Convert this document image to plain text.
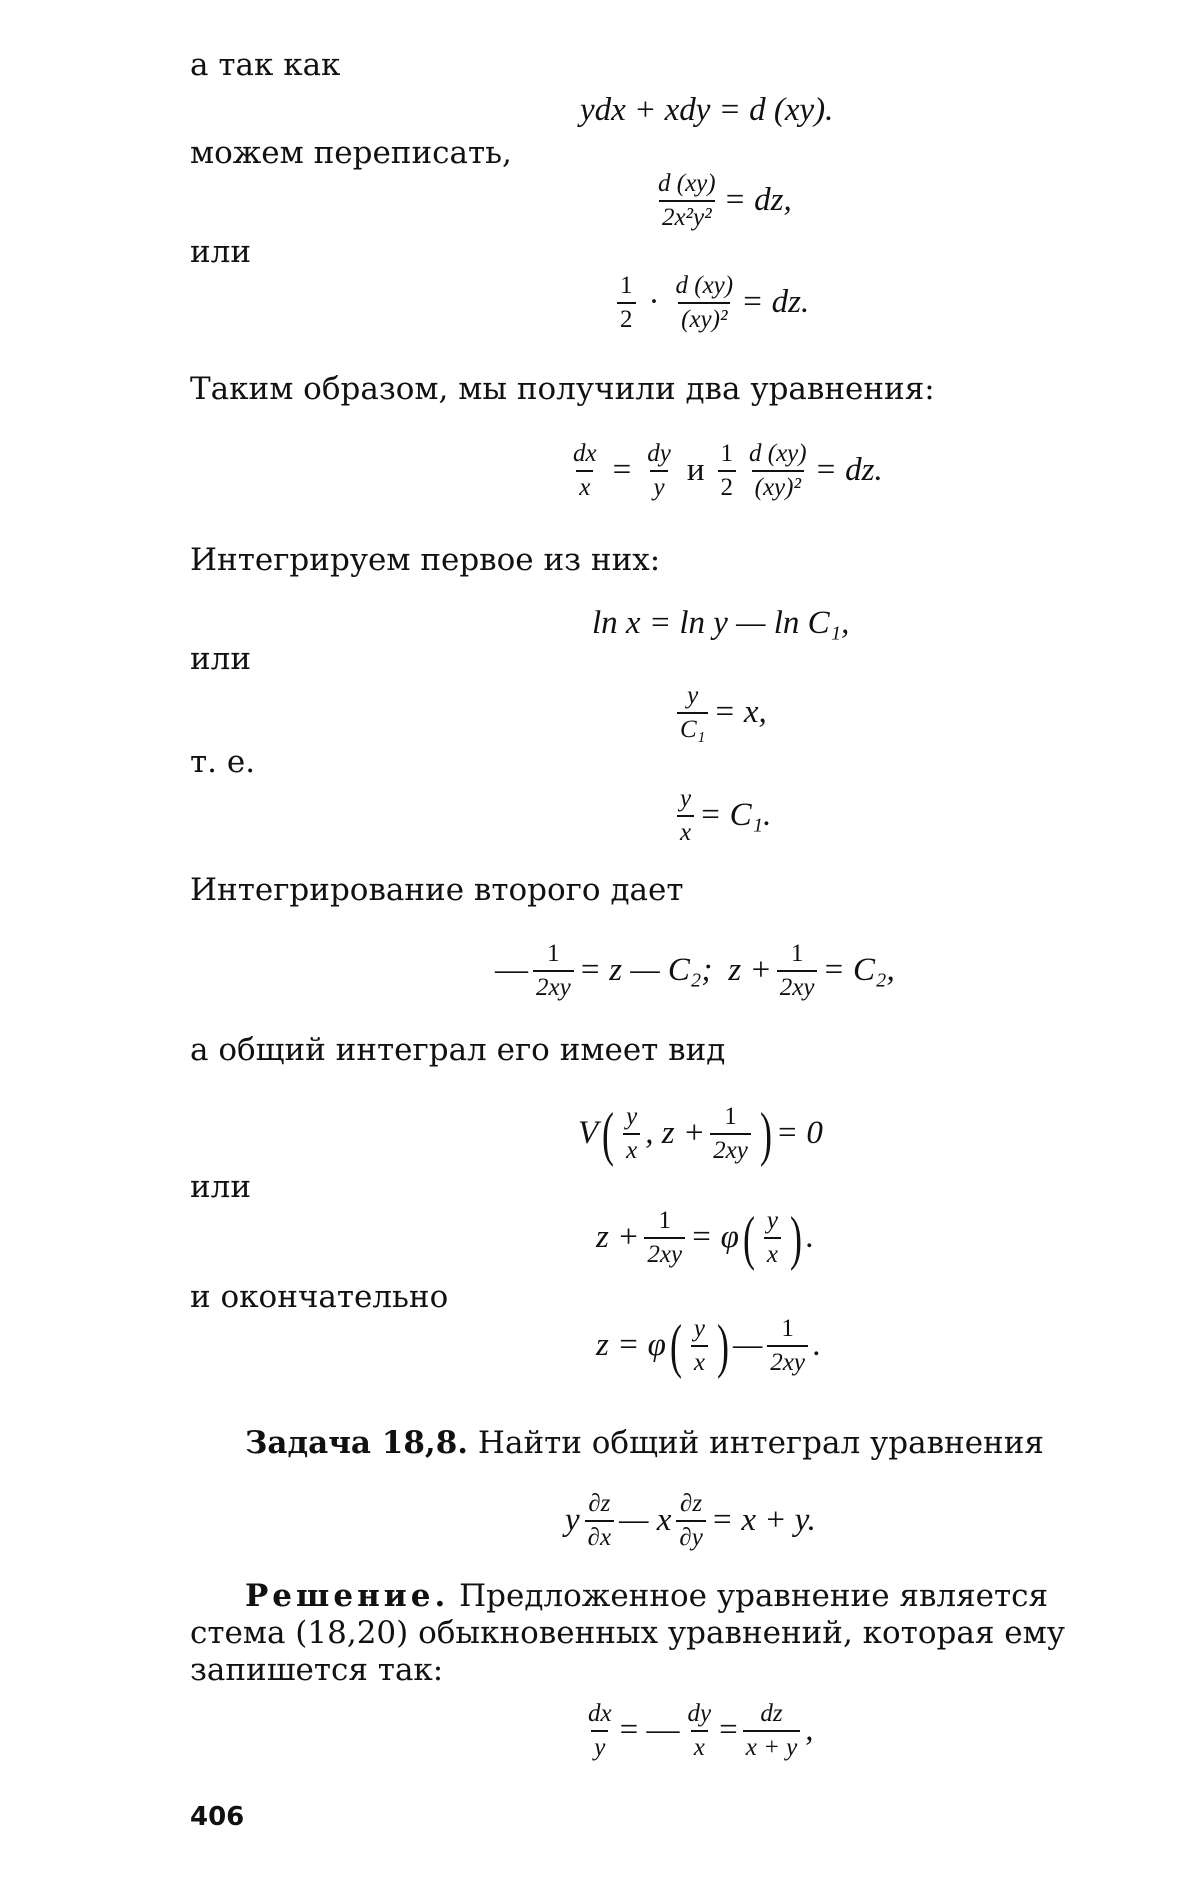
а так как
ydx + xdy = d (xy).
можем переписать,
$\frac{d (xy)}{\text{2x²y²}}$ = dz,
или
$\frac{1}{2} \cdot \frac{d (xy)}{\text{(xy)²}}$ = dz.
Таким образом, мы получили два уравнения:
$\frac{dx}{x} = \frac{dy}{y}$ и $\frac{1}{2} \frac{d (xy)}{\text{(xy)²}}$ = dz.
Интегрируем первое из них:
ln x = ln y — ln C₁,
или
$\frac{y}{\text{C₁}} = x$,
т. е.
$\frac{y}{x} = C_1$.
Интегрирование второго дает
— $\frac{1}{2xy} = z$ — C₂; $z + \frac{1}{2xy} = C_2$,
а общий интеграл его имеет вид
V ( $\frac{y}{x}$ , $z + \frac{1}{2xy}$ ) = 0
или
$z + \frac{1}{2xy} = \varphi$ ( $\frac{y}{x}$ ) .
и окончательно
z = φ ( $\frac{y}{x}$ ) — $\frac{1}{2xy}$ .
Задача 18,8. Найти общий интеграл уравнения
y $\frac{\partial z}{\partial x}$ — x $\frac{\partial z}{\partial y} = x + y$.
Решение. Предложенное уравнение является
стема (18,20) обыкновенных уравнений, которая ему
запишется так:
$\frac{dx}{y}$ = — $\frac{dy}{x} = \frac{dz}{x + y}$ ,
406
